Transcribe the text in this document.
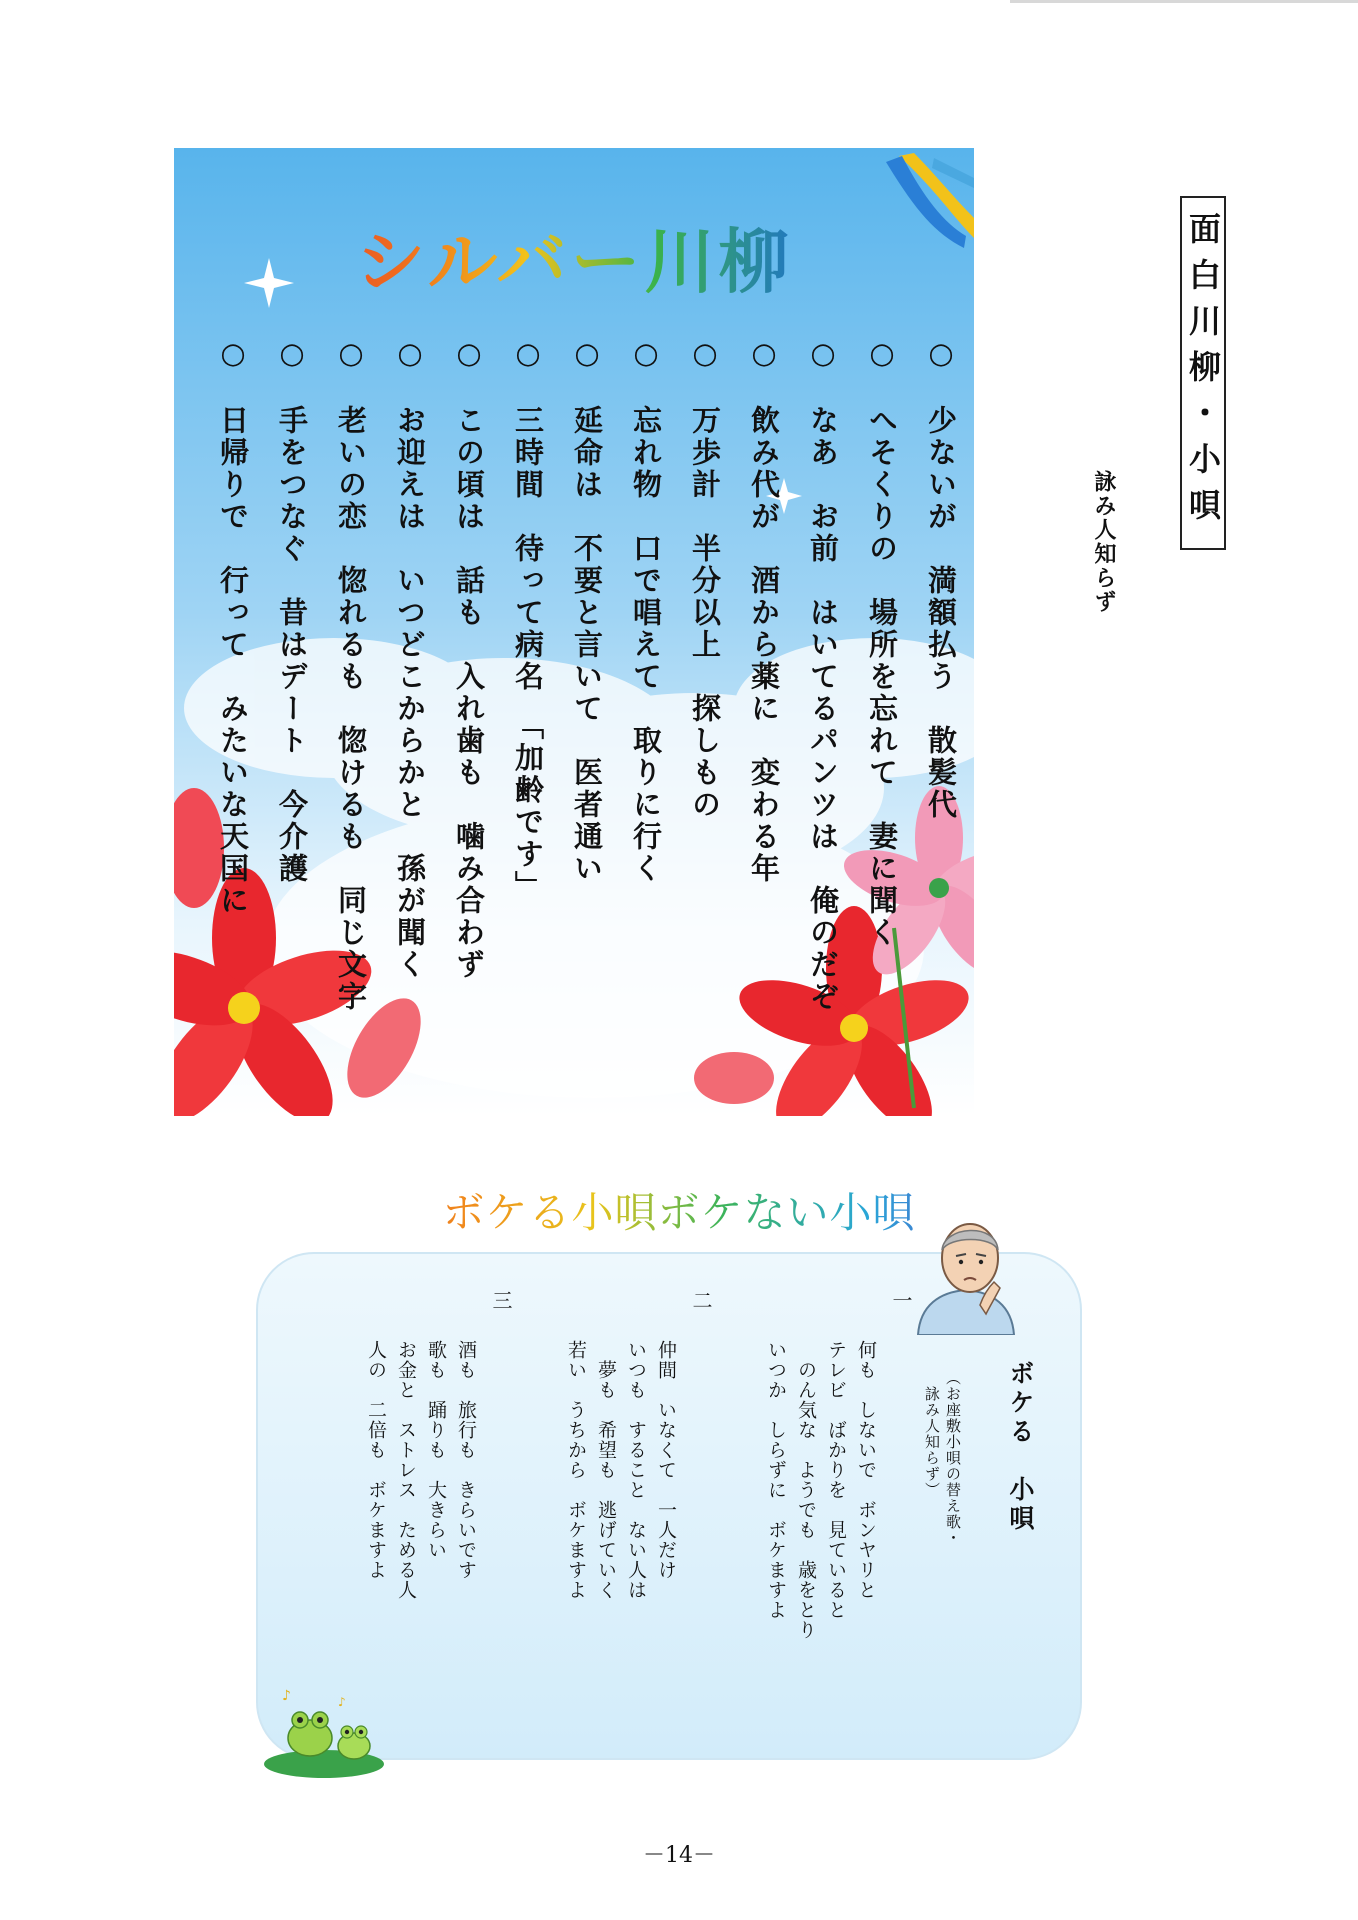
面白川柳・小唄
詠み人知らず
シルバー川柳
○　少ないが　満額払う　散髪代
○　へそくりの　場所を忘れて　妻に聞く
○　なあ　お前　はいてるパンツは　俺のだぞ
○　飲み代が　酒から薬に　変わる年
○　万歩計　半分以上　探しもの
○　忘れ物　口で唱えて　取りに行く
○　延命は　不要と言いて　医者通い
○　三時間　待って病名　「加齢です」
○　この頃は　話も　入れ歯も　噛み合わず
○　お迎えは　いつどこからかと　孫が聞く
○　老いの恋　惚れるも　惚けるも　同じ文字
○　手をつなぐ　昔はデート　今介護
○　日帰りで　行って　みたいな天国に
ボケる小唄ボケない小唄
ボケる　小唄
（お座敷小唄の替え歌・
　詠み人知らず）
一
何も　しないで　ボンヤリと
テレビ　ばかりを　見ていると
　のん気な　ようでも　歳をとり
いつか　しらずに　ボケますよ
二
仲間　いなくて　一人だけ
いつも　すること　ない人は
　夢も　希望も　逃げていく
若い　うちから　ボケますよ
三
酒も　旅行も　きらいです
歌も　踊りも　大きらい
お金と　ストレス　ためる人
人の　二倍も　ボケますよ
♪	♪
－14－
